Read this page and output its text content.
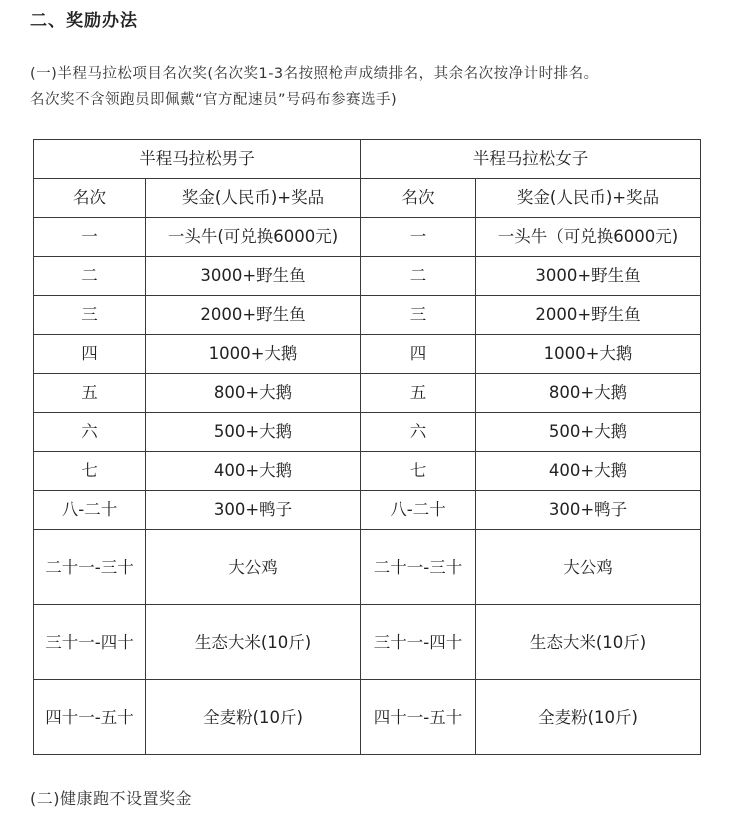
二、奖励办法
(一)半程马拉松项目名次奖(名次奖1-3名按照枪声成绩排名，其余名次按净计时排名。
名次奖不含领跑员即佩戴“官方配速员”号码布参赛选手)
半程马拉松男子		半程马拉松女子	
名次	奖金(人民币)+奖品	名次	奖金(人民币)+奖品
一	一头牛(可兑换6000元)	一	一头牛（可兑换6000元)
二	3000+野生鱼	二	3000+野生鱼
三	2000+野生鱼	三	2000+野生鱼
四	1000+大鹅	四	1000+大鹅
五	800+大鹅	五	800+大鹅
六	500+大鹅	六	500+大鹅
七	400+大鹅	七	400+大鹅
八-二十	300+鸭子	八-二十	300+鸭子
二十一-三十	大公鸡	二十一-三十	大公鸡
三十一-四十	生态大米(10斤)	三十一-四十	生态大米(10斤)
四十一-五十	全麦粉(10斤)	四十一-五十	全麦粉(10斤)
(二)健康跑不设置奖金
